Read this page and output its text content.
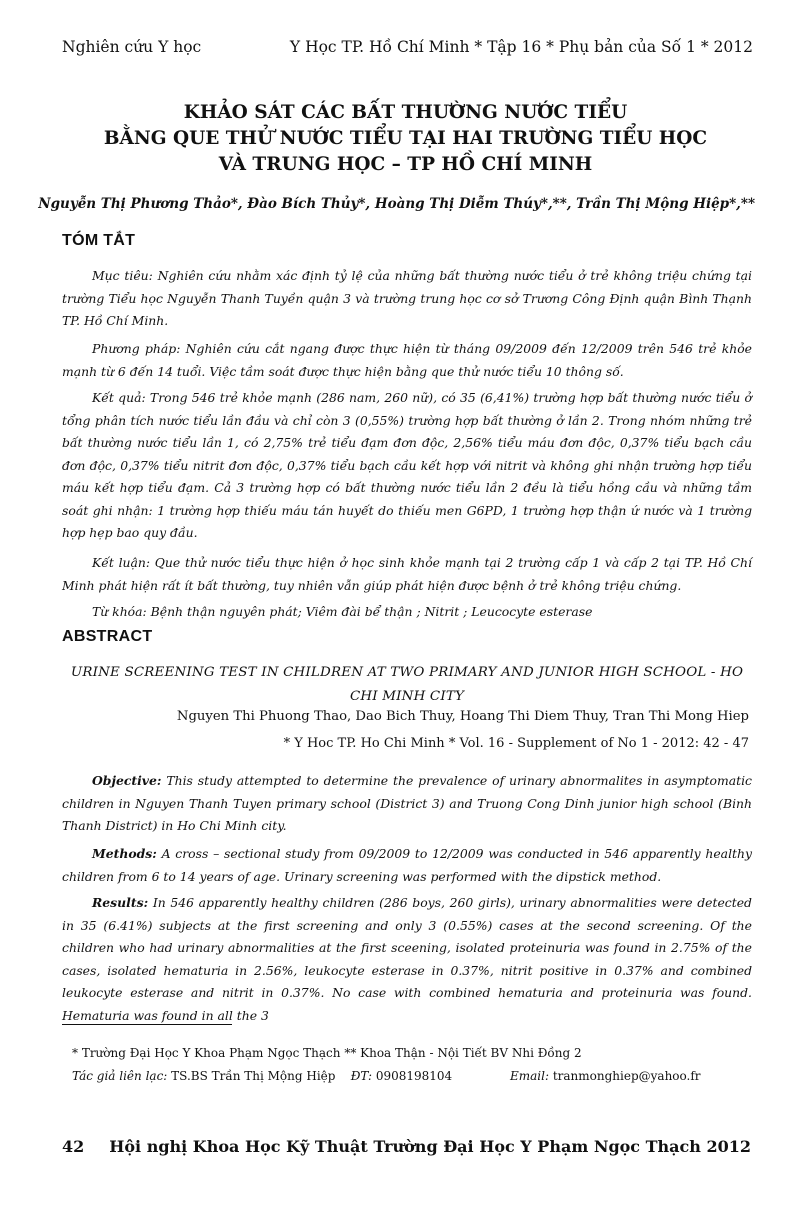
Nghiên cứu Y học	Y Học TP. Hồ Chí Minh * Tập 16 * Phụ bản của Số 1 * 2012
KHẢO SÁT CÁC BẤT THƯỜNG NƯỚC TIỂU
BẰNG QUE THỬ NƯỚC TIỂU TẠI HAI TRƯỜNG TIỂU HỌC
VÀ TRUNG HỌC – TP HỒ CHÍ MINH
Nguyễn Thị Phương Thảo*, Đào Bích Thủy*, Hoàng Thị Diễm Thúy*,**, Trần Thị Mộng Hiệp*,**
TÓM TẮT
Mục tiêu: Nghiên cứu nhằm xác định tỷ lệ của những bất thường nước tiểu ở trẻ không triệu chứng tại trường Tiểu học Nguyễn Thanh Tuyền quận 3 và trường trung học cơ sở Trương Công Định quận Bình Thạnh TP. Hồ Chí Minh.
Phương pháp: Nghiên cứu cắt ngang được thực hiện từ tháng 09/2009 đến 12/2009 trên 546 trẻ khỏe mạnh từ 6 đến 14 tuổi. Việc tầm soát được thực hiện bằng que thử nước tiểu 10 thông số.
Kết quả: Trong 546 trẻ khỏe mạnh (286 nam, 260 nữ), có 35 (6,41%) trường hợp bất thường nước tiểu ở tổng phân tích nước tiểu lần đầu và chỉ còn 3 (0,55%) trường hợp bất thường ở lần 2. Trong nhóm những trẻ bất thường nước tiểu lần 1, có 2,75% trẻ tiểu đạm đơn độc, 2,56% tiểu máu đơn độc, 0,37% tiểu bạch cầu đơn độc, 0,37% tiểu nitrit đơn độc, 0,37% tiểu bạch cầu kết hợp với nitrit và không ghi nhận trường hợp tiểu máu kết hợp tiểu đạm. Cả 3 trường hợp có bất thường nước tiểu lần 2 đều là tiểu hồng cầu và những tầm soát ghi nhận: 1 trường hợp thiếu máu tán huyết do thiếu men G6PD, 1 trường hợp thận ứ nước và 1 trường hợp hẹp bao quy đầu.
Kết luận: Que thử nước tiểu thực hiện ở học sinh khỏe mạnh tại 2 trường cấp 1 và cấp 2 tại TP. Hồ Chí Minh phát hiện rất ít bất thường, tuy nhiên vẫn giúp phát hiện được bệnh ở trẻ không triệu chứng.
Từ khóa: Bệnh thận nguyên phát; Viêm đài bể thận ; Nitrit ; Leucocyte esterase
ABSTRACT
URINE SCREENING TEST IN CHILDREN AT TWO PRIMARY AND JUNIOR HIGH SCHOOL - HO CHI MINH CITY
Nguyen Thi Phuong Thao, Dao Bich Thuy, Hoang Thi Diem Thuy, Tran Thi Mong Hiep
* Y Hoc TP. Ho Chi Minh * Vol. 16 - Supplement of No 1 - 2012: 42 - 47
Objective: This study attempted to determine the prevalence of urinary abnormalites in asymptomatic children in Nguyen Thanh Tuyen primary school (District 3) and Truong Cong Dinh junior high school (Binh Thanh District) in Ho Chi Minh city.
Methods: A cross – sectional study from 09/2009 to 12/2009 was conducted in 546 apparently healthy children from 6 to 14 years of age. Urinary screening was performed with the dipstick method.
Results: In 546 apparently healthy children (286 boys, 260 girls), urinary abnormalities were detected in 35 (6.41%) subjects at the first screening and only 3 (0.55%) cases at the second screening. Of the children who had urinary abnormalities at the first sceening, isolated proteinuria was found in 2.75% of the cases, isolated hematuria in 2.56%, leukocyte esterase in 0.37%, nitrit positive in 0.37% and combined leukocyte esterase and nitrit in 0.37%. No case with combined hematuria and proteinuria was found. Hematuria was found in all the 3
* Trường Đại Học Y Khoa Phạm Ngọc Thạch ** Khoa Thận - Nội Tiết BV Nhi Đồng 2
Tác giả liên lạc: TS.BS Trần Thị Mộng Hiệp ĐT: 0908198104	Email: tranmonghiep@yahoo.fr
42 Hội nghị Khoa Học Kỹ Thuật Trường Đại Học Y Phạm Ngọc Thạch 2012
